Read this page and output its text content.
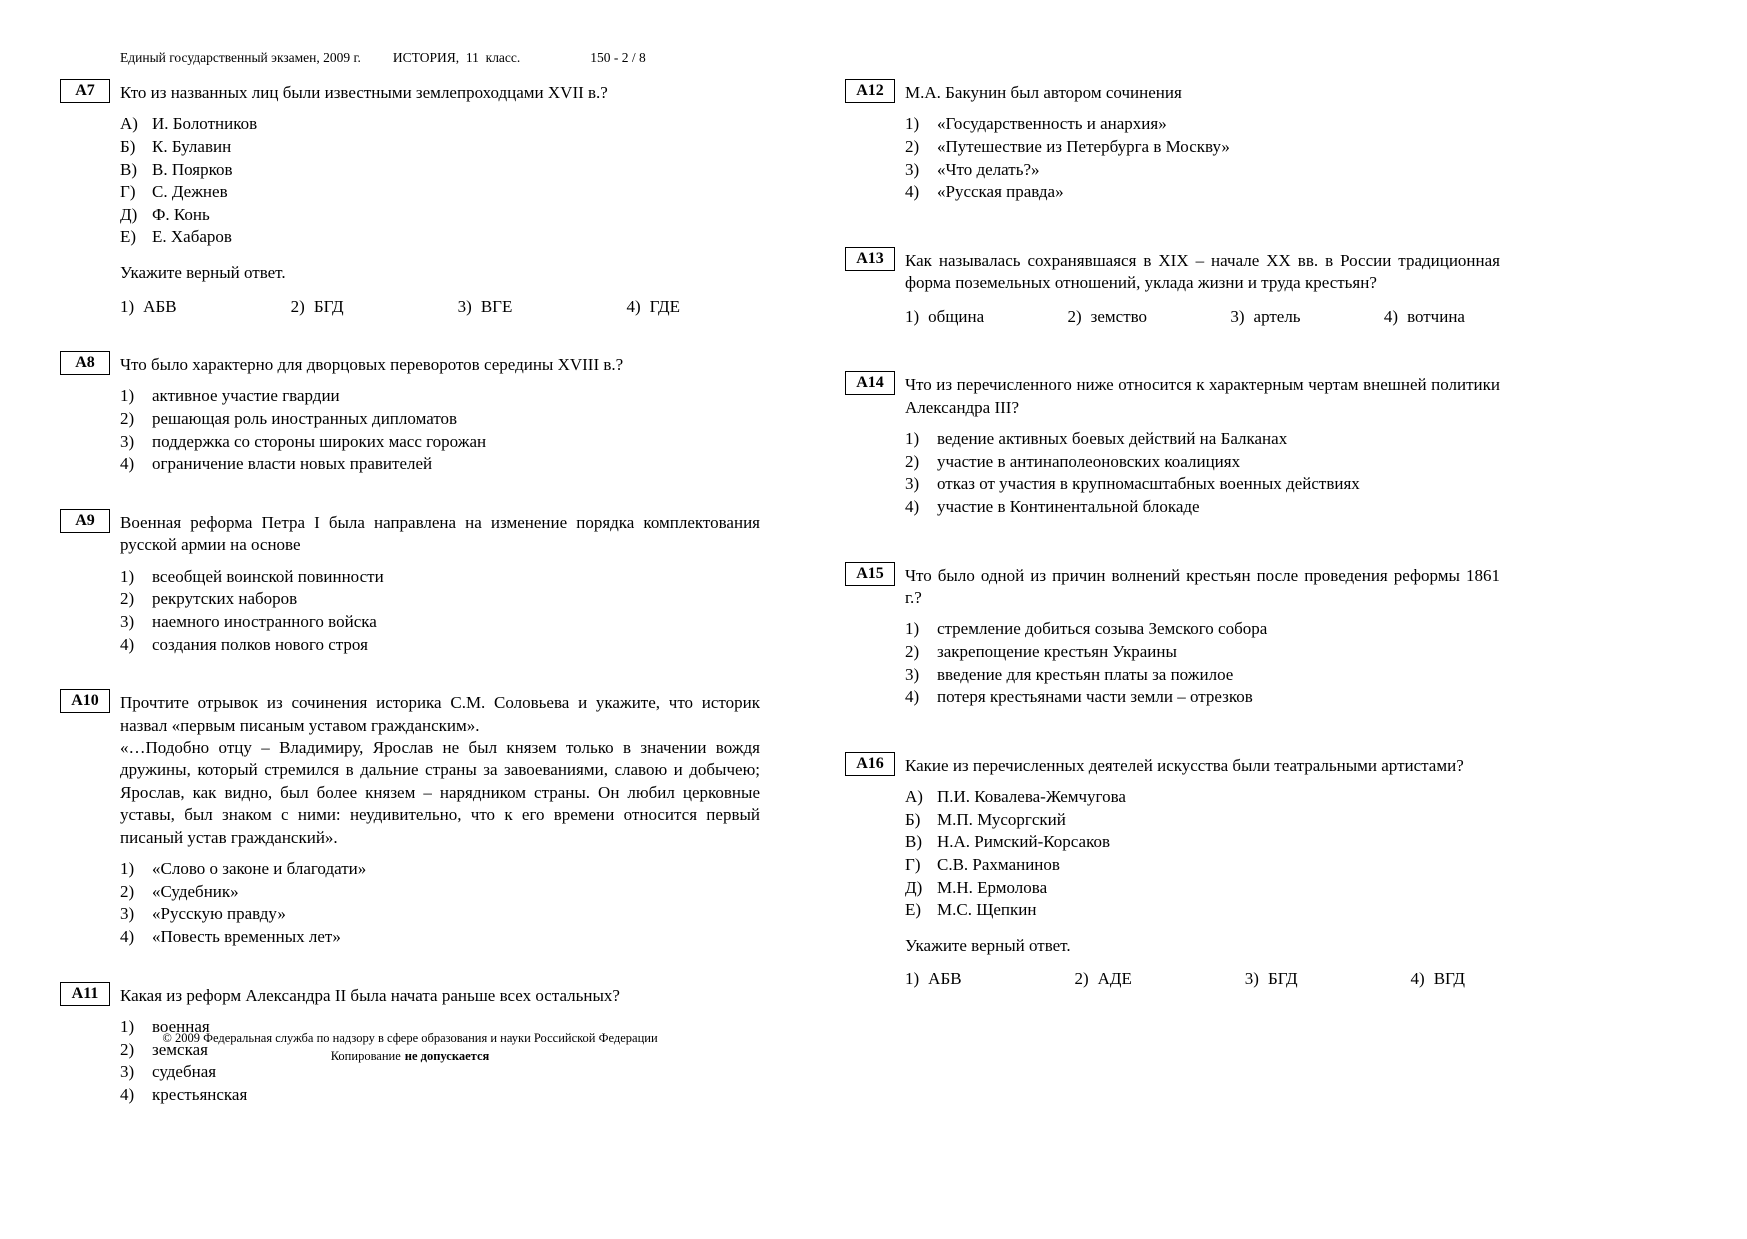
Единый государственный экзамен, 2009 г. ИСТОРИЯ,  11  класс.	150 - 2 / 8
А7	Кто из названных лиц были известными землепроходцами XVII в.?
А) И. Болотников
Б) К. Булавин
В) В. Поярков
Г) С. Дежнев
Д) Ф. Конь
Е) Е. Хабаров
Укажите верный ответ.
1) АБВ	2) БГД	3) ВГЕ	4) ГДЕ
А8	Что было характерно для дворцовых переворотов середины XVIII в.?
1)	активное участие гвардии
2)	решающая роль иностранных дипломатов
3)	поддержка со стороны широких масс горожан
4)	ограничение власти новых правителей
А9	Военная реформа Петра I была направлена на изменение порядка комплектования русской армии на основе
1)	всеобщей воинской повинности
2)	рекрутских наборов
3)	наемного иностранного войска
4)	создания полков нового строя
А10	Прочтите отрывок из сочинения историка С.М. Соловьева и укажите, что историк назвал «первым писаным уставом гражданским».
«…Подобно отцу – Владимиру, Ярослав не был князем только в значении вождя дружины, который стремился в дальние страны за завоеваниями, славою и добычею; Ярослав, как видно, был более князем – нарядником страны. Он любил церковные уставы, был знаком с ними: неудивительно, что к его времени относится первый писаный устав гражданский».
1)	«Слово о законе и благодати»
2)	«Судебник»
3)	«Русскую правду»
4)	«Повесть временных лет»
А11	Какая из реформ Александра II была начата раньше всех остальных?
1)	военная
2)	земская
3)	судебная
4)	крестьянская
А12	М.А. Бакунин был автором сочинения
1)	«Государственность и анархия»
2)	«Путешествие из Петербурга в Москву»
3)	«Что делать?»
4)	«Русская правда»
А13	Как называлась сохранявшаяся в XIX – начале XX вв. в России традиционная форма поземельных отношений, уклада жизни и труда крестьян?
1) община	2) земство	3) артель	4) вотчина
А14	Что из перечисленного ниже относится к характерным чертам внешней политики Александра III?
1)	ведение активных боевых действий на Балканах
2)	участие в антинаполеоновских коалициях
3)	отказ от участия в крупномасштабных военных действиях
4)	участие в Континентальной блокаде
А15	Что было одной из причин волнений крестьян после проведения реформы 1861 г.?
1)	стремление добиться созыва Земского собора
2)	закрепощение крестьян Украины
3)	введение для крестьян платы за пожилое
4)	потеря крестьянами части земли – отрезков
А16	Какие из перечисленных деятелей искусства были театральными артистами?
А) П.И. Ковалева-Жемчугова
Б) М.П. Мусоргский
В) Н.А. Римский-Корсаков
Г) С.В. Рахманинов
Д) М.Н. Ермолова
Е) М.С. Щепкин
Укажите верный ответ.
1) АБВ	2) АДЕ	3) БГД	4) ВГД
© 2009 Федеральная служба по надзору в сфере образования и науки Российской Федерации
Копирование не допускается
